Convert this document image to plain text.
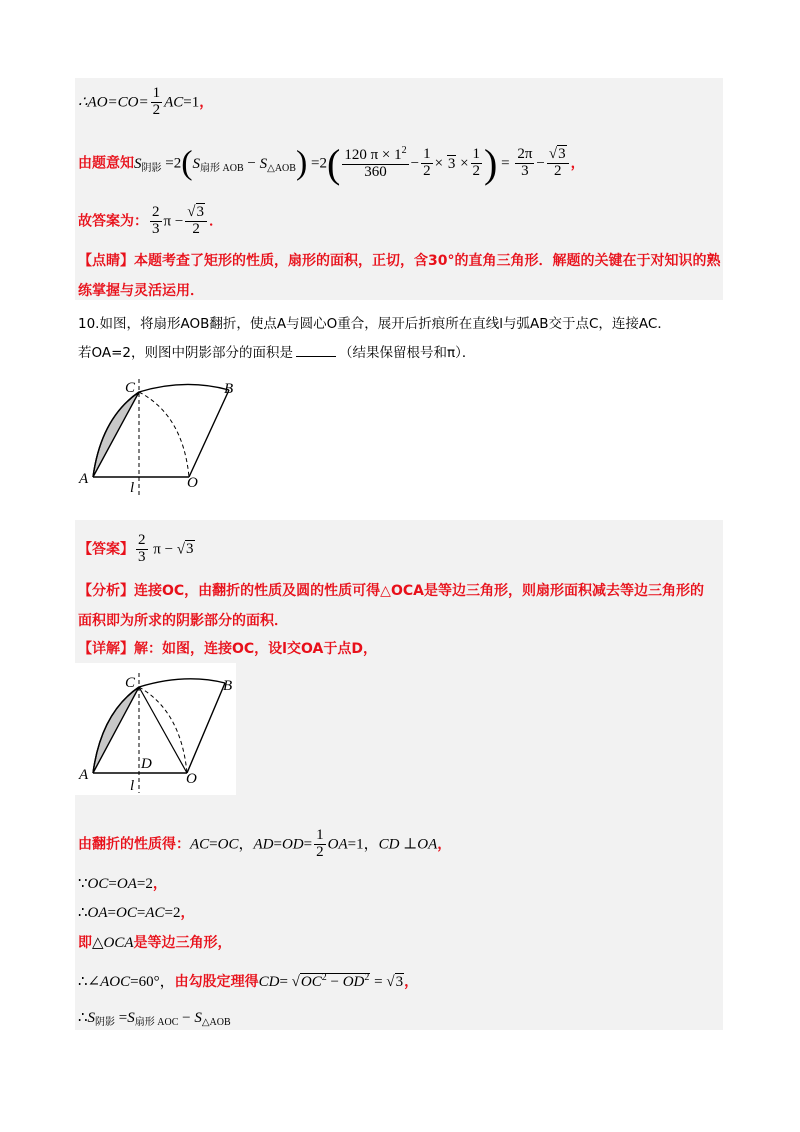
∴AO=CO= $\frac{1}{2} AC=1$，
由题意知$S_{阴影} =2(S_{扇形 AOB} - S_{\triangle AOB}) =2( \frac{120 \pi \times 1^2}{360} - \frac{1}{2} \times 3 \times \frac{1}{2}$ ) = $\frac{2\pi}{3} - \frac{√3}{2}$ ，
故答案为： $\frac{2}{3}$ $\pi - \frac{√3}{2}$ ．
【点睛】本题考查了矩形的性质，扇形的面积，正切，含30°的直角三角形．解题的关键在于对知识的熟
练掌握与灵活运用．
10.如图，将扇形AOB翻折，使点A与圆心O重合，展开后折痕所在直线l与弧AB交于点C，连接AC．
若OA=2，则图中阴影部分的面积是	（结果保留根号和π）．
C	B
A	O
l
【答案】 $\frac{2}{3}$ π − √3
【分析】连接OC，由翻折的性质及圆的性质可得△OCA是等边三角形，则扇形面积减去等边三角形的
面积即为所求的阴影部分的面积．
【详解】解：如图，连接OC，设l交OA于点D，
C	B
A
D
O
l
由翻折的性质得：AC=OC，$AD=OD= \frac{1}{2} OA=1$，CD ⊥OA，
∵OC=OA=2，
∴OA=OC=AC=2，
即△OCA是等边三角形，
∴∠AOC=60°，由勾股定理得$CD= √OC^2 - OD^2 = √3$，
$\therefore S_{阴影} =S_{扇形 AOC} - S_{\triangle AOB}$
